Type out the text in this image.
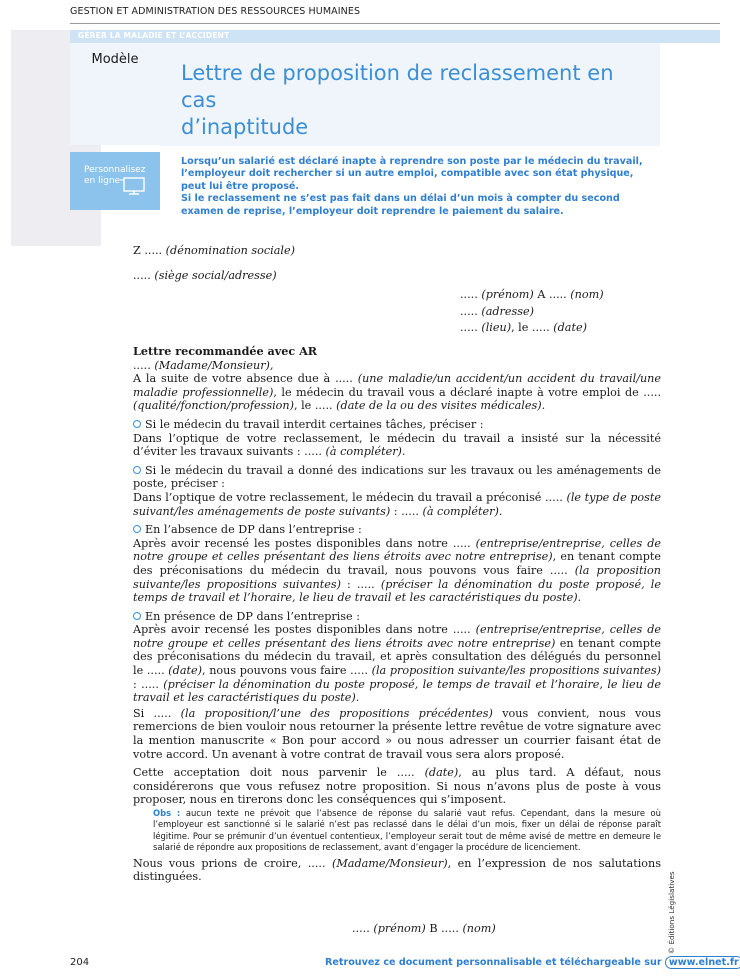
GESTION ET ADMINISTRATION DES RESSOURCES HUMAINES
GÉRER LA MALADIE ET L’ACCIDENT
Modèle
Lettre de proposition de reclassement en cas
d’inaptitude
Personnalisez
en ligne

Lorsqu’un salarié est déclaré inapte à reprendre son poste par le médecin du travail, l’employeur doit rechercher si un autre emploi, compatible avec son état physique, peut lui être proposé.

Si le reclassement ne s’est pas fait dans un délai d’un mois à compter du second examen de reprise, l’employeur doit reprendre le paiement du salaire.

Z ..... (dénomination sociale)
..... (siège social/adresse)
..... (prénom) A ..... (nom)
..... (adresse)
..... (lieu), le ..... (date)

Lettre recommandée avec AR

..... (Madame/Monsieur),

A la suite de votre absence due à ..... (une maladie/un accident/un accident du travail/une maladie professionnelle), le médecin du travail vous a déclaré inapte à votre emploi de ..... (qualité/fonction/profession), le ..... (date de la ou des visites médicales).

Si le médecin du travail interdit certaines tâches, préciser :

Dans l’optique de votre reclassement, le médecin du travail a insisté sur la nécessité d’éviter les travaux suivants : ..... (à compléter).

Si le médecin du travail a donné des indications sur les travaux ou les aménagements de poste, préciser :

Dans l’optique de votre reclassement, le médecin du travail a préconisé ..... (le type de poste suivant/les aménagements de poste suivants) : ..... (à compléter).

En l’absence de DP dans l’entreprise :

Après avoir recensé les postes disponibles dans notre ..... (entreprise/entreprise, celles de notre groupe et celles présentant des liens étroits avec notre entreprise), en tenant compte des préconisations du médecin du travail, nous pouvons vous faire ..... (la proposition suivante/les propositions suivantes) : ..... (préciser la dénomination du poste proposé, le temps de travail et l’horaire, le lieu de travail et les caractéristiques du poste).

En présence de DP dans l’entreprise :

Après avoir recensé les postes disponibles dans notre ..... (entreprise/entreprise, celles de notre groupe et celles présentant des liens étroits avec notre entreprise) en tenant compte des préconisations du médecin du travail, et après consultation des délégués du personnel le ..... (date), nous pouvons vous faire ..... (la proposition suivante/les propositions suivantes) : ..... (préciser la dénomination du poste proposé, le temps de travail et l’horaire, le lieu de travail et les caractéristiques du poste).

Si ..... (la proposition/l’une des propositions précédentes) vous convient, nous vous remercions de bien vouloir nous retourner la présente lettre revêtue de votre signature avec la mention manuscrite « Bon pour accord » ou nous adresser un courrier faisant état de votre accord. Un avenant à votre contrat de travail vous sera alors proposé.

Cette acceptation doit nous parvenir le ..... (date), au plus tard. A défaut, nous considérerons que vous refusez notre proposition. Si nous n’avons plus de poste à vous proposer, nous en tirerons donc les conséquences qui s’imposent.

Obs : aucun texte ne prévoit que l’absence de réponse du salarié vaut refus. Cependant, dans la mesure où l’employeur est sanctionné si le salarié n’est pas reclassé dans le délai d’un mois, fixer un délai de réponse paraît légitime. Pour se prémunir d’un éventuel contentieux, l’employeur serait tout de même avisé de mettre en demeure le salarié de répondre aux propositions de reclassement, avant d’engager la procédure de licenciement.

Nous vous prions de croire, ..... (Madame/Monsieur), en l’expression de nos salutations distinguées.

..... (prénom) B ..... (nom)	© Éditions Législatives
204	Retrouvez ce document personnalisable et téléchargeable sur www.elnet.fr
